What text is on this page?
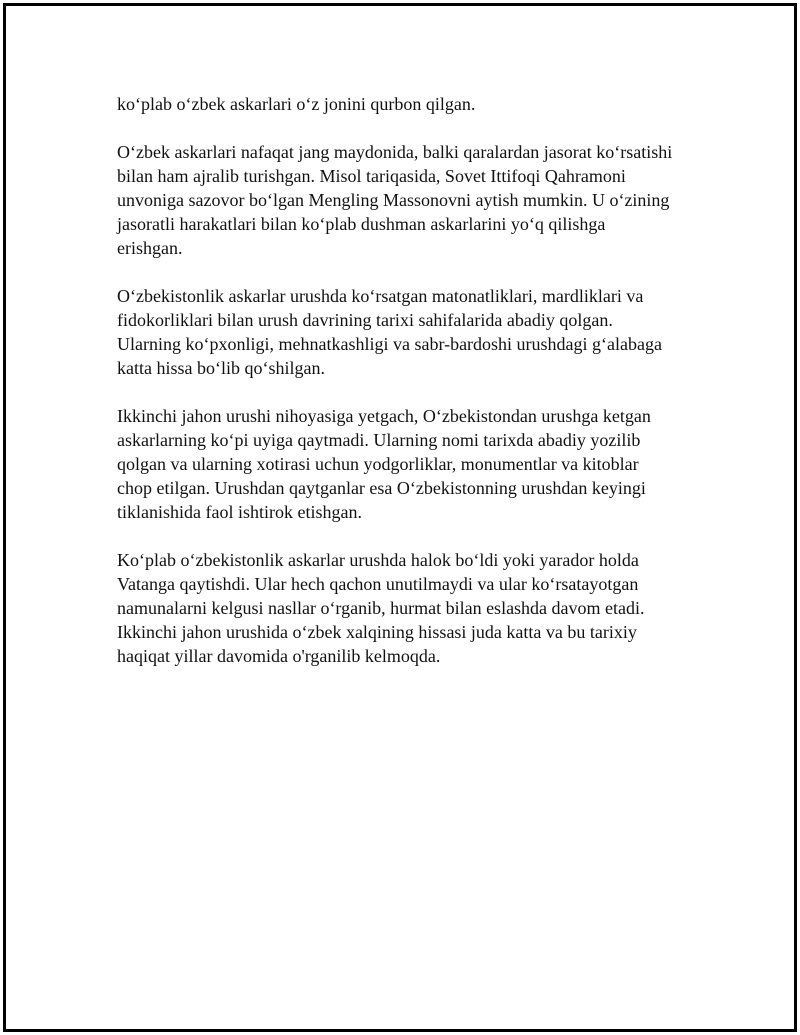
ko‘plab o‘zbek askarlari o‘z jonini qurbon qilgan.
O‘zbek askarlari nafaqat jang maydonida, balki qaralardan jasorat ko‘rsatishi
bilan ham ajralib turishgan. Misol tariqasida, Sovet Ittifoqi Qahramoni
unvoniga sazovor bo‘lgan Mengling Massonovni aytish mumkin. U o‘zining
jasoratli harakatlari bilan ko‘plab dushman askarlarini yo‘q qilishga
erishgan.
O‘zbekistonlik askarlar urushda ko‘rsatgan matonatliklari, mardliklari va
fidokorliklari bilan urush davrining tarixi sahifalarida abadiy qolgan.
Ularning ko‘pxonligi, mehnatkashligi va sabr-bardoshi urushdagi g‘alabaga
katta hissa bo‘lib qo‘shilgan.
Ikkinchi jahon urushi nihoyasiga yetgach, O‘zbekistondan urushga ketgan
askarlarning ko‘pi uyiga qaytmadi. Ularning nomi tarixda abadiy yozilib
qolgan va ularning xotirasi uchun yodgorliklar, monumentlar va kitoblar
chop etilgan. Urushdan qaytganlar esa O‘zbekistonning urushdan keyingi
tiklanishida faol ishtirok etishgan.
Ko‘plab o‘zbekistonlik askarlar urushda halok bo‘ldi yoki yarador holda
Vatanga qaytishdi. Ular hech qachon unutilmaydi va ular ko‘rsatayotgan
namunalarni kelgusi nasllar o‘rganib, hurmat bilan eslashda davom etadi.
Ikkinchi jahon urushida o‘zbek xalqining hissasi juda katta va bu tarixiy
haqiqat yillar davomida o'rganilib kelmoqda.
